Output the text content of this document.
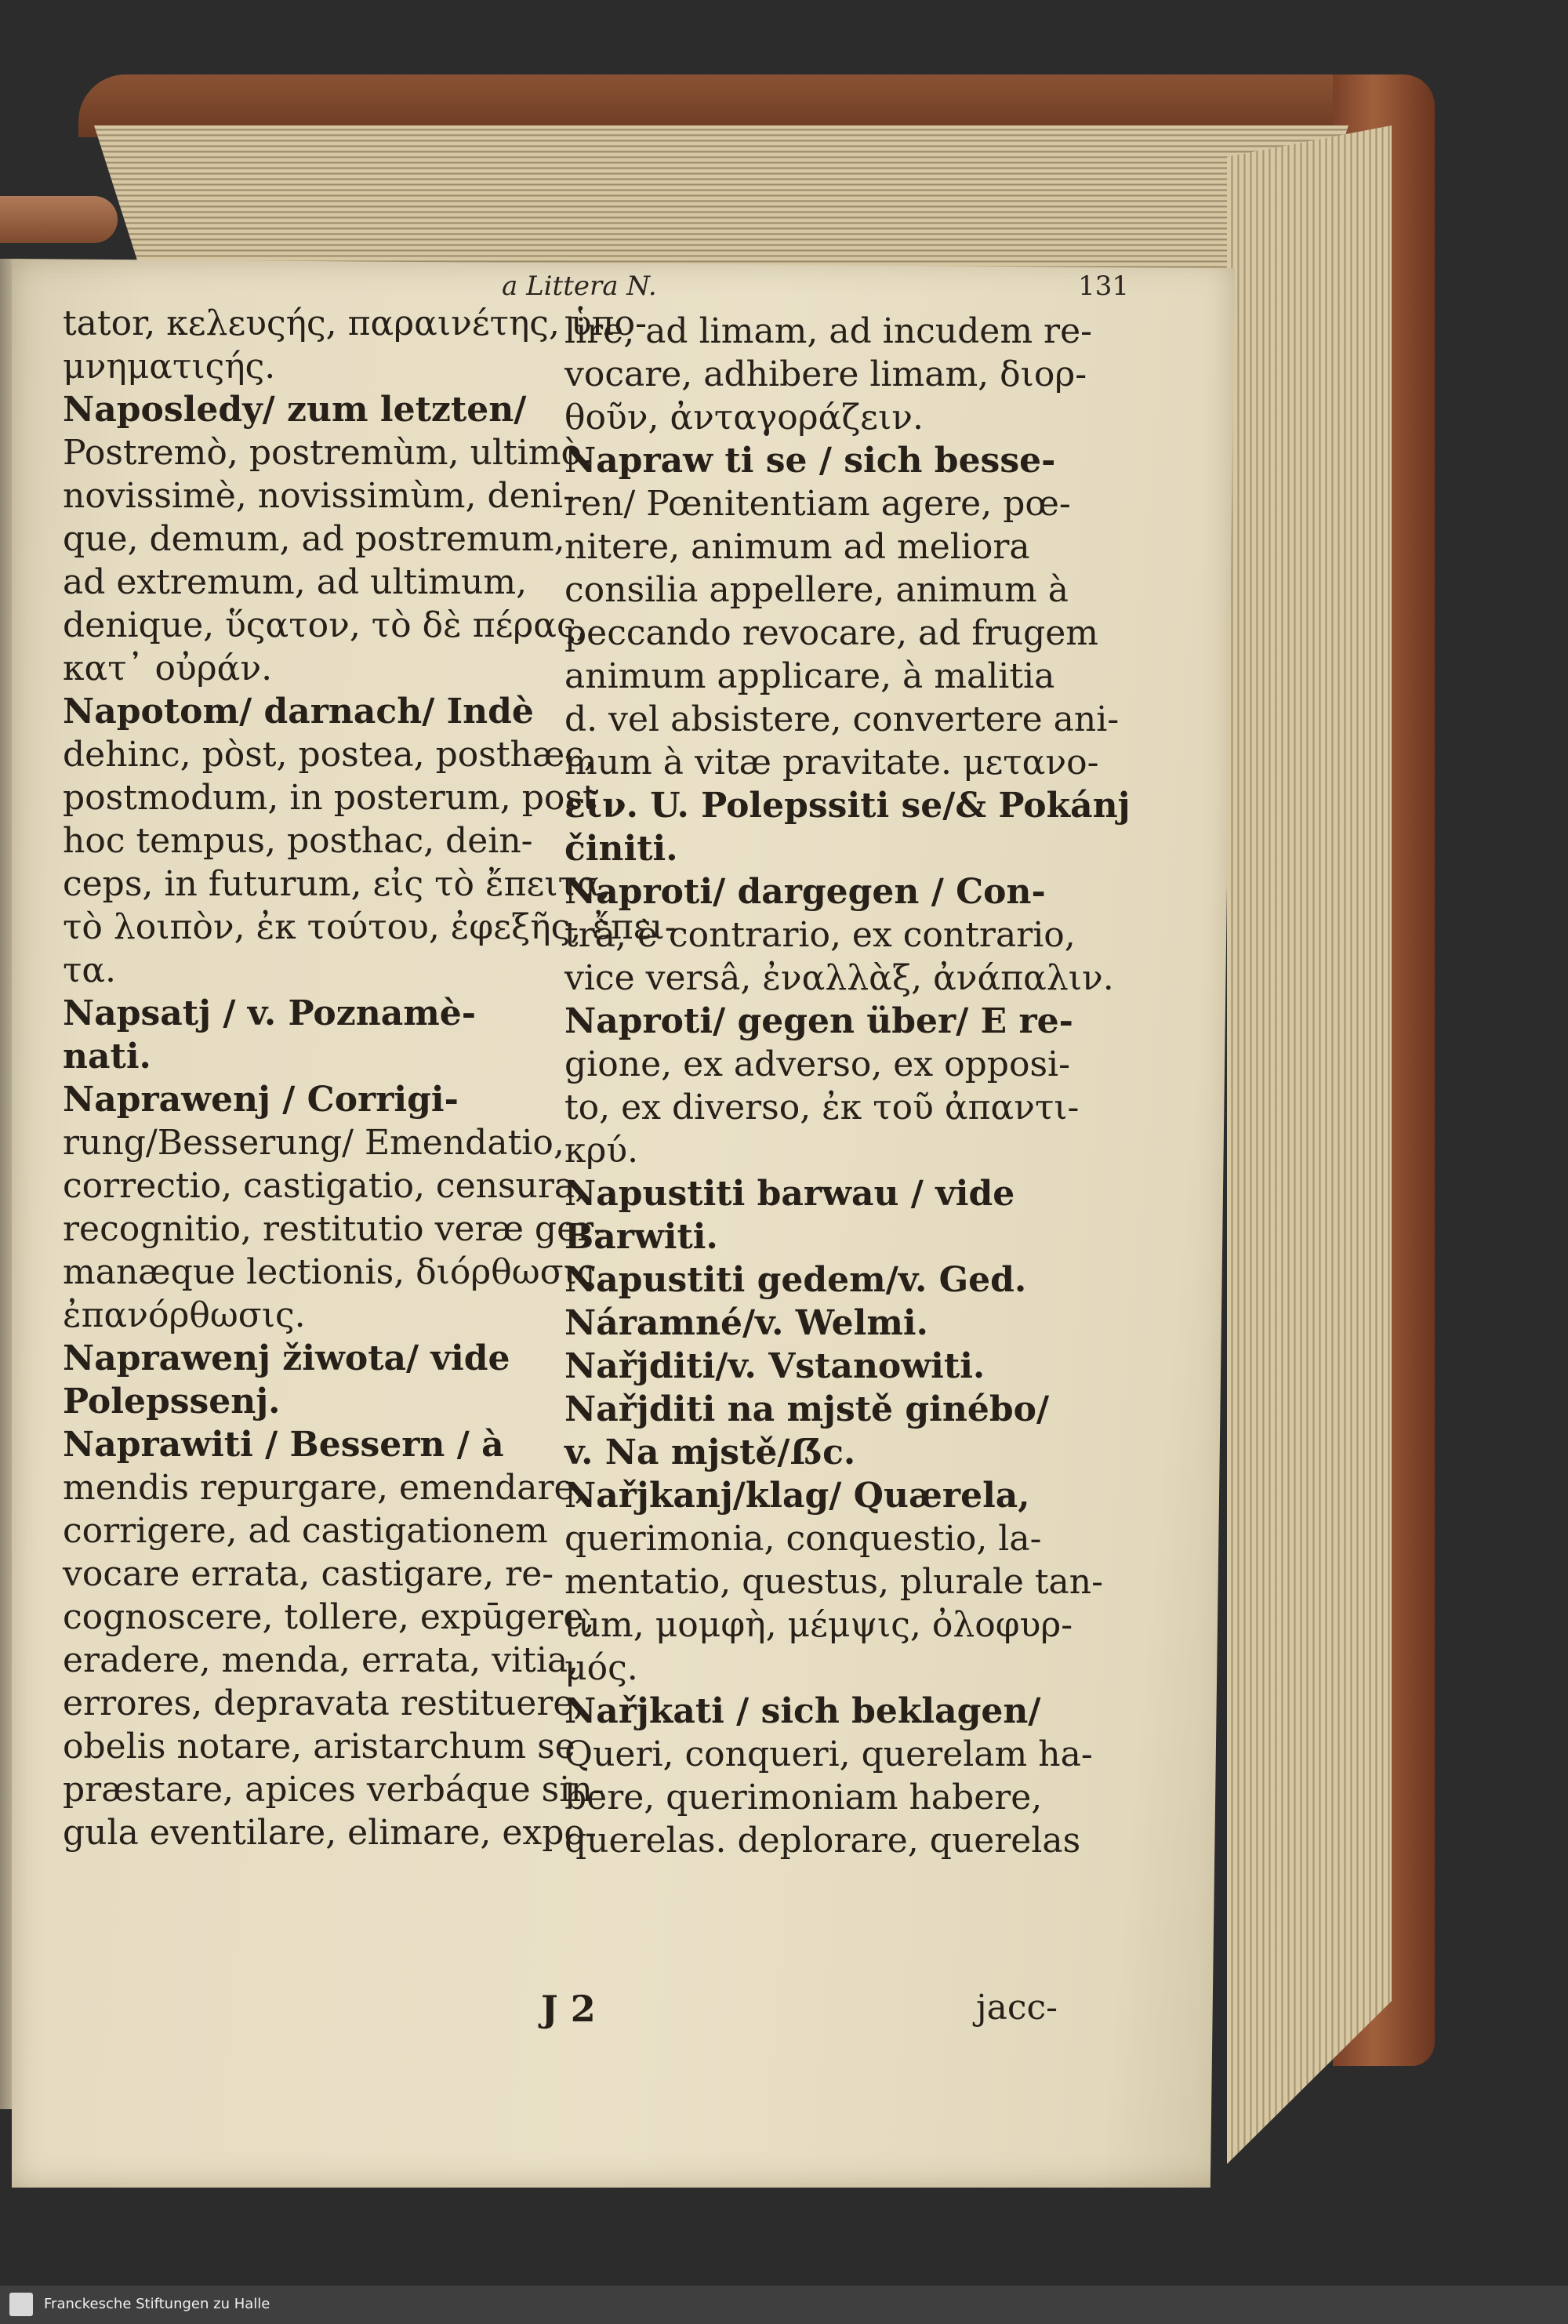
a Littera N.	131
tator, κελευςής, παραινέτης, ὑπο-
μνηματιςής.
Naposledy/ zum letzten/
Postremò, postremùm, ultimò,
novissimè, novissimùm, deni-
que, demum, ad postremum,
ad extremum, ad ultimum,
denique, ὕςατον, τὸ δὲ πέρας,
κατ᾽ οὐράν.
Napotom/ darnach/ Indè
dehinc, pòst, postea, posthæc,
postmodum, in posterum, post
hoc tempus, posthac, dein-
ceps, in futurum, εἰς τὸ ἔπειτα,
τὸ λοιπὸν, ἐκ τούτου, ἐφεξῆς, ἔπει-
τα.
Napsatj / v. Poznamè-
nati.
Naprawenj / Corrigi-
rung/Besserung/ Emendatio,
correctio, castigatio, censura,
recognitio, restitutio veræ ger-
manæque lectionis, διόρθωσις,
ἐπανόρθωσις.
Naprawenj žiwota/ vide
Polepssenj.
Naprawiti / Bessern / à
mendis repurgare, emendare,
corrigere, ad castigationem
vocare errata, castigare, re-
cognoscere, tollere, expūgere,
eradere, menda, errata, vitia,
errores, depravata restituere,
obelis notare, aristarchum se
præstare, apices verbáque sin-
gula eventilare, elimare, expo-
lire, ad limam, ad incudem re-
vocare, adhibere limam, διορ-
θοῦν, ἀνταγοράζειν.
Napraw ti se / sich besse-
ren/ Pœnitentiam agere, pœ-
nitere, animum ad meliora
consilia appellere, animum à
peccando revocare, ad frugem
animum applicare, à malitia
d. vel absistere, convertere ani-
mum à vitæ pravitate. μετανο-
εῖν. U. Polepssiti se/& Pokánj
činiti.
Naproti/ dargegen / Con-
trà, è contrario, ex contrario,
vice versâ, ἐναλλὰξ, ἀνάπαλιν.
Naproti/ gegen über/ E re-
gione, ex adverso, ex opposi-
to, ex diverso, ἐκ τοῦ ἀπαντι-
κρύ.
Napustiti barwau / vide
Barwiti.
Napustiti gedem/v. Ged.
Náramné/v. Welmi.
Nařjditi/v. Vstanowiti.
Nařjditi na mjstě ginébo/
v. Na mjstě/ẞc.
Nařjkanj/klag/ Quærela,
querimonia, conquestio, la-
mentatio, questus, plurale tan-
tùm, μομφὴ, μέμψις, ὀλοφυρ-
μός.
Nařjkati / sich beklagen/
Queri, conqueri, querelam ha-
bere, querimoniam habere,
querelas. deplorare, querelas
J 2	jacc-
Franckesche Stiftungen zu Halle
